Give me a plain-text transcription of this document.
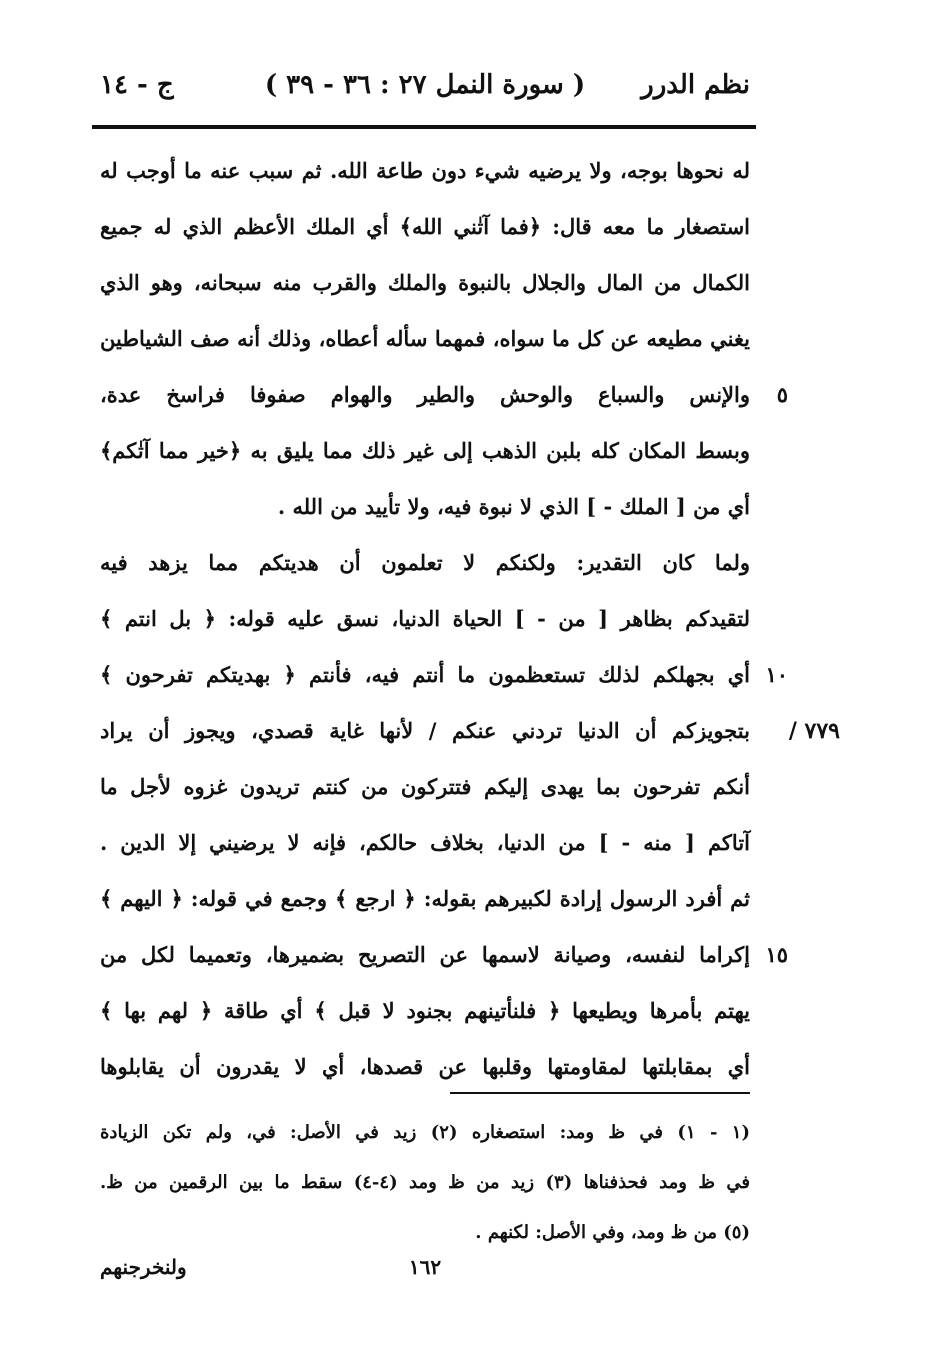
نظم الدرر
( سورة النمل ٢٧ : ٣٦ - ٣٩ )
ج - ١٤
له نحوها بوجه، ولا يرضيه شيء دون طاعة الله. ثم سبب عنه ما أوجب له
استصغار ما معه قال: ﴿فما آتٰن‍ي الله﴾ أي الملك الأعظم الذي له جميع
الكمال من المال والجلال بالنبوة والملك والقرب منه سبحانه، وهو الذي
يغني مطيعه عن كل ما سواه، فمهما سأله أعطاه، وذلك أنه صف الشياطين
والإنس والسباع والوحش والطير والهوام صفوفا فراسخ عدة،	٥
وبسط المكان كله بلبن الذهب إلى غير ذلك مما يليق به ﴿خير مما آتٰكم﴾
أي من [ الملك - ] الذي لا نبوة فيه، ولا تأييد من الله .
ولما كان التقدير: ولكنكم لا تعلمون أن هديتكم مما يزهد فيه
لتقيدكم بظاهر [ من - ] الحياة الدنيا، نسق عليه قوله: ﴿ بل انتم ﴾
أي بجهلكم لذلك تستعظمون ما أنتم فيه، فأنتم ﴿ بهديتكم تفرحون ﴾ ١٠
بتجويزكم أن الدنيا تردني عنكم / لأنها غاية قصدي، ويجوز أن يراد ٧٧٩ /
أنكم تفرحون بما يهدى إليكم فتتركون من كنتم تريدون غزوه لأجل ما
آتاكم [ منه - ] من الدنيا، بخلاف حالكم، فإنه لا يرضيني إلا الدين .
ثم أفرد الرسول إرادة لكبيرهم بقوله: ﴿ ارجع ﴾ وجمع في قوله: ﴿ اليهم ﴾
إكراما لنفسه، وصيانة لاسمها عن التصريح بضميرها، وتعميما لكل من ١٥
يهتم بأمرها ويطيعها ﴿ فلنأتينهم بجنود لا قبل ﴾ أي طاقة ﴿ لهم بها ﴾
أي بمقابلتها لمقاومتها وقلبها عن قصدها، أي لا يقدرون أن يقابلوها
(١ - ١) في ظ ومد: استصغاره (٢) زيد في الأصل: في، ولم تكن الزيادة
في ظ ومد فحذفناها (٣) زيد من ظ ومد (٤-٤) سقط ما بين الرقمين من ظ.
(٥) من ظ ومد، وفي الأصل: لكنهم .
١٦٢
ولنخرجنهم
